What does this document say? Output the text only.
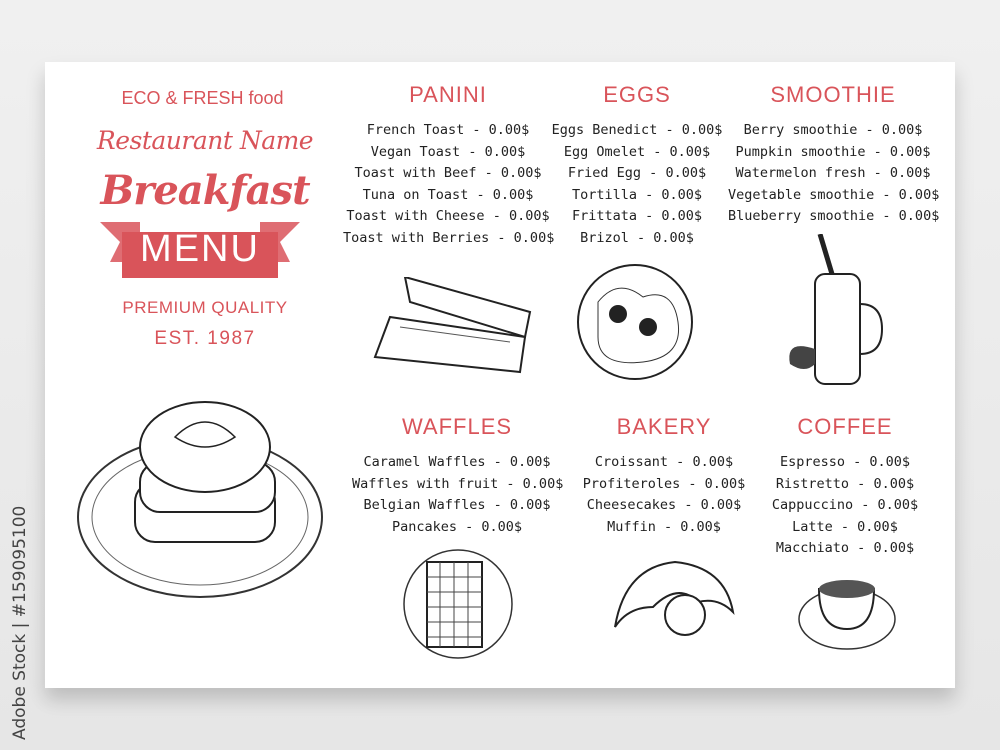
ECO & FRESH food
Restaurant Name
Breakfast
MENU
PREMIUM QUALITY
EST. 1987
PANINI
French Toast - 0.00$
Vegan Toast - 0.00$
Toast with Beef - 0.00$
Tuna on Toast - 0.00$
Toast with Cheese - 0.00$
Toast with Berries - 0.00$
EGGS
Eggs Benedict - 0.00$
Egg Omelet - 0.00$
Fried Egg - 0.00$
Tortilla - 0.00$
Frittata - 0.00$
Brizol - 0.00$
SMOOTHIE
Berry smoothie - 0.00$
Pumpkin smoothie - 0.00$
Watermelon fresh - 0.00$
Vegetable smoothie - 0.00$
Blueberry smoothie - 0.00$
WAFFLES
Caramel Waffles - 0.00$
Waffles with fruit - 0.00$
Belgian Waffles - 0.00$
Pancakes - 0.00$
BAKERY
Croissant - 0.00$
Profiteroles - 0.00$
Cheesecakes - 0.00$
Muffin - 0.00$
COFFEE
Espresso - 0.00$
Ristretto - 0.00$
Cappuccino - 0.00$
Latte - 0.00$
Macchiato - 0.00$
Adobe Stock | #159095100
